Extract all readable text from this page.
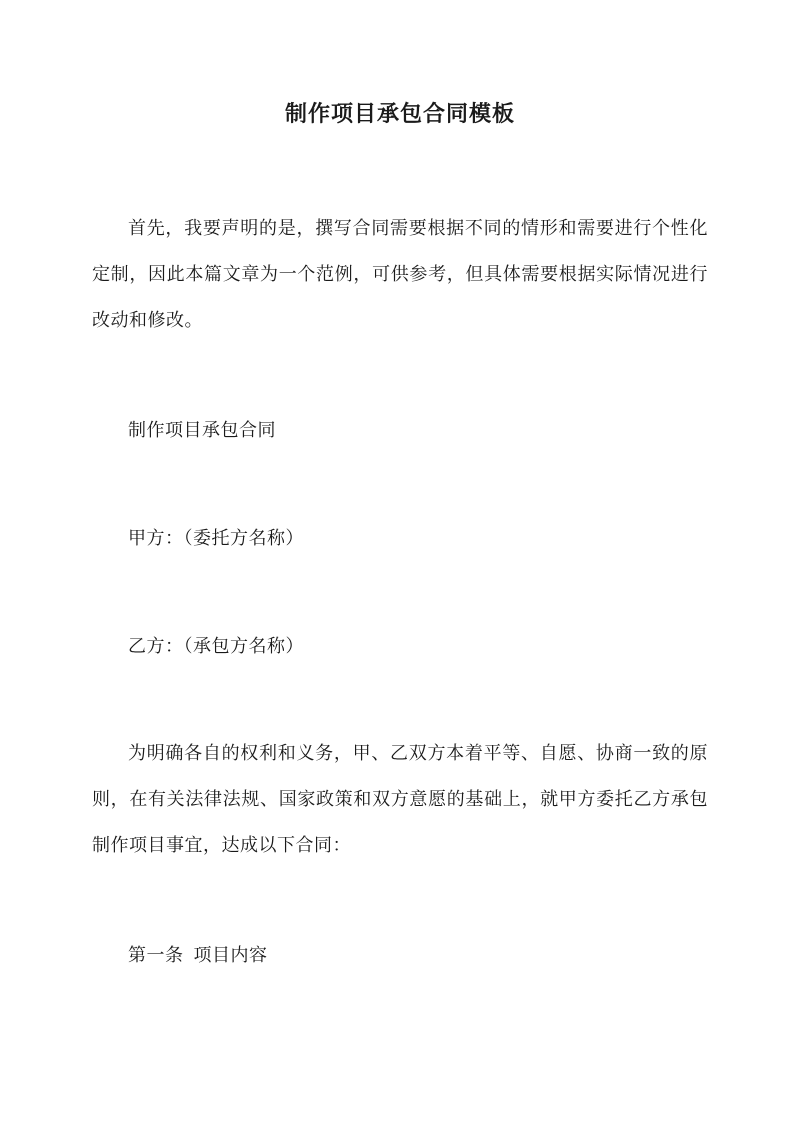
制作项目承包合同模板

首先，我要声明的是，撰写合同需要根据不同的情形和需要进行个性化定制，因此本篇文章为一个范例，可供参考，但具体需要根据实际情况进行改动和修改。

制作项目承包合同

甲方：（委托方名称）

乙方：（承包方名称）

为明确各自的权利和义务，甲、乙双方本着平等、自愿、协商一致的原则，在有关法律法规、国家政策和双方意愿的基础上，就甲方委托乙方承包制作项目事宜，达成以下合同：

第一条 项目内容
